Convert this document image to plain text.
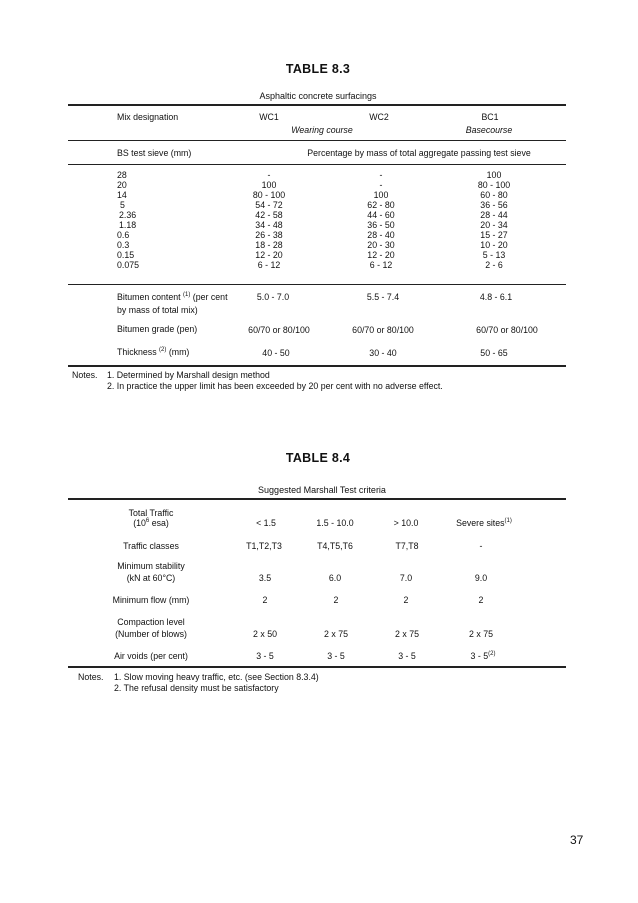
TABLE 8.3
Asphaltic concrete surfacings
Mix designation	WC1	WC2	BC1
Wearing course	Basecourse
BS test sieve (mm)	Percentage by mass of total aggregate passing test sieve
28	-	-	100
20	100	-	80 - 100
14	80 - 100	100	60 - 80
5	54 - 72	62 - 80	36 - 56
2.36	42 - 58	44 - 60	28 - 44
1.18	34 - 48	36 - 50	20 - 34
0.6	26 - 38	28 - 40	15 - 27
0.3	18 - 28	20 - 30	10 - 20
0.15	12 - 20	12 - 20	5 - 13
0.075	6 - 12	6 - 12	2 - 6
Bitumen content $^{(1)}$ (per cent
by mass of total mix)
5.0 - 7.0	5.5 - 7.4	4.8 - 6.1
Bitumen grade (pen)	60/70 or 80/100	60/70 or 80/100	60/70 or 80/100
Thickness $^{(2)}$ (mm)	40 - 50	30 - 40	50 - 65
Notes. 1. Determined by Marshall design method
2. In practice the upper limit has been exceeded by 20 per cent with no adverse effect.
TABLE 8.4
Suggested Marshall Test criteria
Total Traffic
($10^6$ esa)	< 1.5	1.5 - 10.0	> 10.0	Severe sites$^{(1)}$
Traffic classes	T1,T2,T3	T4,T5,T6	T7,T8	-
Minimum stability
(kN at 60°C)	3.5	6.0	7.0	9.0
Minimum flow (mm)	2	2	2	2
Compaction level
(Number of blows)	2 x 50	2 x 75	2 x 75	2 x 75
Air voids (per cent)	3 - 5	3 - 5	3 - 5	3 - 5$^{(2)}$
Notes. 1. Slow moving heavy traffic, etc. (see Section 8.3.4)
2. The refusal density must be satisfactory
37
